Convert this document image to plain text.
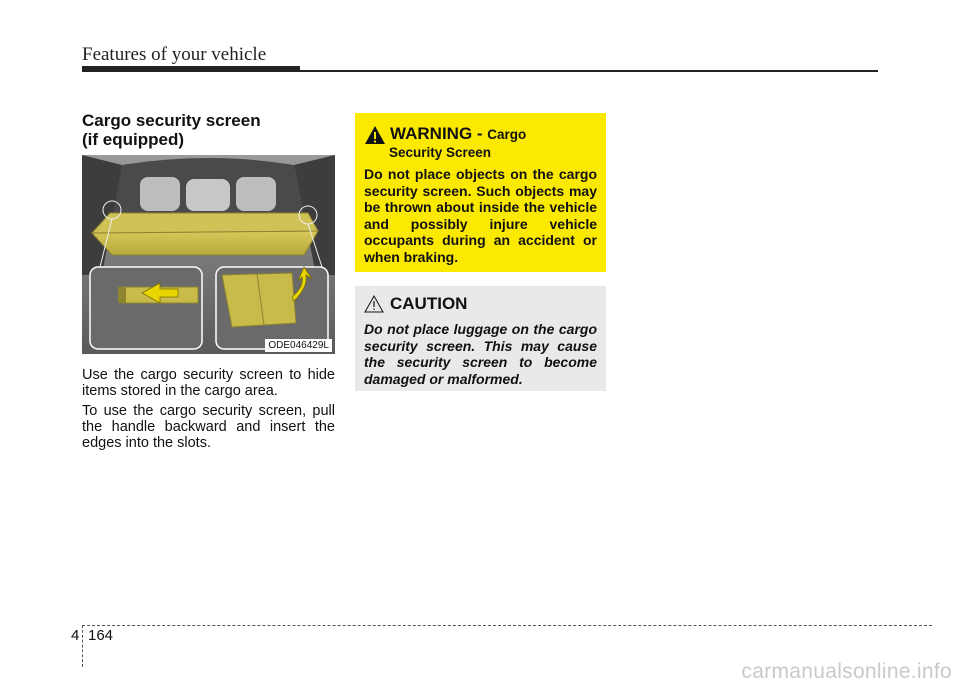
Features of your vehicle
Cargo security screen
(if equipped)
ODE046429L

Use the cargo security screen to hide items stored in the cargo area.

To use the cargo security screen, pull the handle backward and insert the edges into the slots.

WARNING - Cargo
Security Screen

Do not place objects on the cargo security screen. Such objects may be thrown about inside the vehicle and possibly injure vehicle occupants during an accident or when braking.

CAUTION

Do not place luggage on the cargo security screen. This may cause the security screen to become damaged or malformed.

4 164
carmanualsonline.info
